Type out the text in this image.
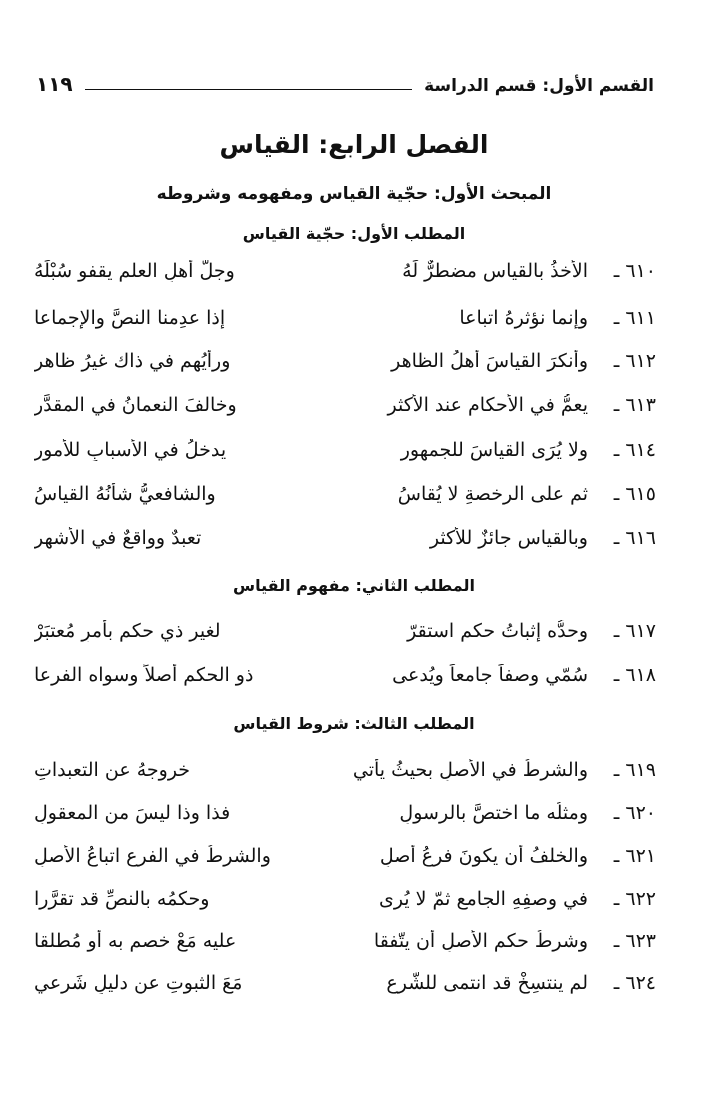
القسم الأول: قسم الدراسة
١١٩
الفصل الرابع: القياس
المبحث الأول: حجّية القياس ومفهومه وشروطه
المطلب الأول: حجّية القياس
٦١٠ ـ
الأخذُ بالقياسِ مضطرٌّ لَهُ
وجلُّ أهلِ العلمِ يقفو سُبْلَهُ
٦١١ ـ
وإنما نؤثرهُ اتباعا
إذا عدِمنا النصَّ والإجماعا
٦١٢ ـ
وأنكرَ القياسَ أهلُ الظاهرِ
ورأيُهم في ذاك غيرُ ظاهرِ
٦١٣ ـ
يعمُّ في الأحكام عند الأكثرِ
وخالفَ النعمانُ في المقدَّر
٦١٤ ـ
ولا يُرَى القياسَ للجمهورِ
يدخلُ في الأسبابِ للأمورِ
٦١٥ ـ
ثم على الرخصةِ لا يُقاسُ
والشافعيُّ شأنُهُ القياسُ
٦١٦ ـ
وبالقياسِ جائزٌ للأكثرِ
تعبدٌ وواقعٌ في الأشهرِ
المطلب الثاني: مفهوم القياس
٦١٧ ـ
وحدُّه إثباتُ حكمٍ استقرّ
لغيرِ ذي حكمٍ بأمرٍ مُعتبَرْ
٦١٨ ـ
سُمّي وصفاً جامعاً ويُدعى
ذو الحكمِ أصلاً وسواه الفرعا
المطلب الثالث: شروط القياس
٦١٩ ـ
والشرطُ في الأصلِ بحيثُ يأتي
خروجهُ عن التعبداتِ
٦٢٠ ـ
ومثلُه ما اختصَّ بالرسولِ
فذا وذا ليسَ من المعقولِ
٦٢١ ـ
والخلفُ أن يكونَ فرعُ أصلِ
والشرطُ في الفرعِ اتباعُ الأصلِ
٦٢٢ ـ
في وصفِهِ الجامعِ ثمّ لا يُرى
وحكمُه بالنصِّ قد تقرَّرا
٦٢٣ ـ
وشرطُ حكمِ الأصلِ أن يتّفقا
عليه مَعْ خصمٍ به أو مُطلقا
٦٢٤ ـ
لم ينتسِخْ قد انتمى للشَّرعِ
مَعَ الثبوتِ عن دليلٍ شَرعي
